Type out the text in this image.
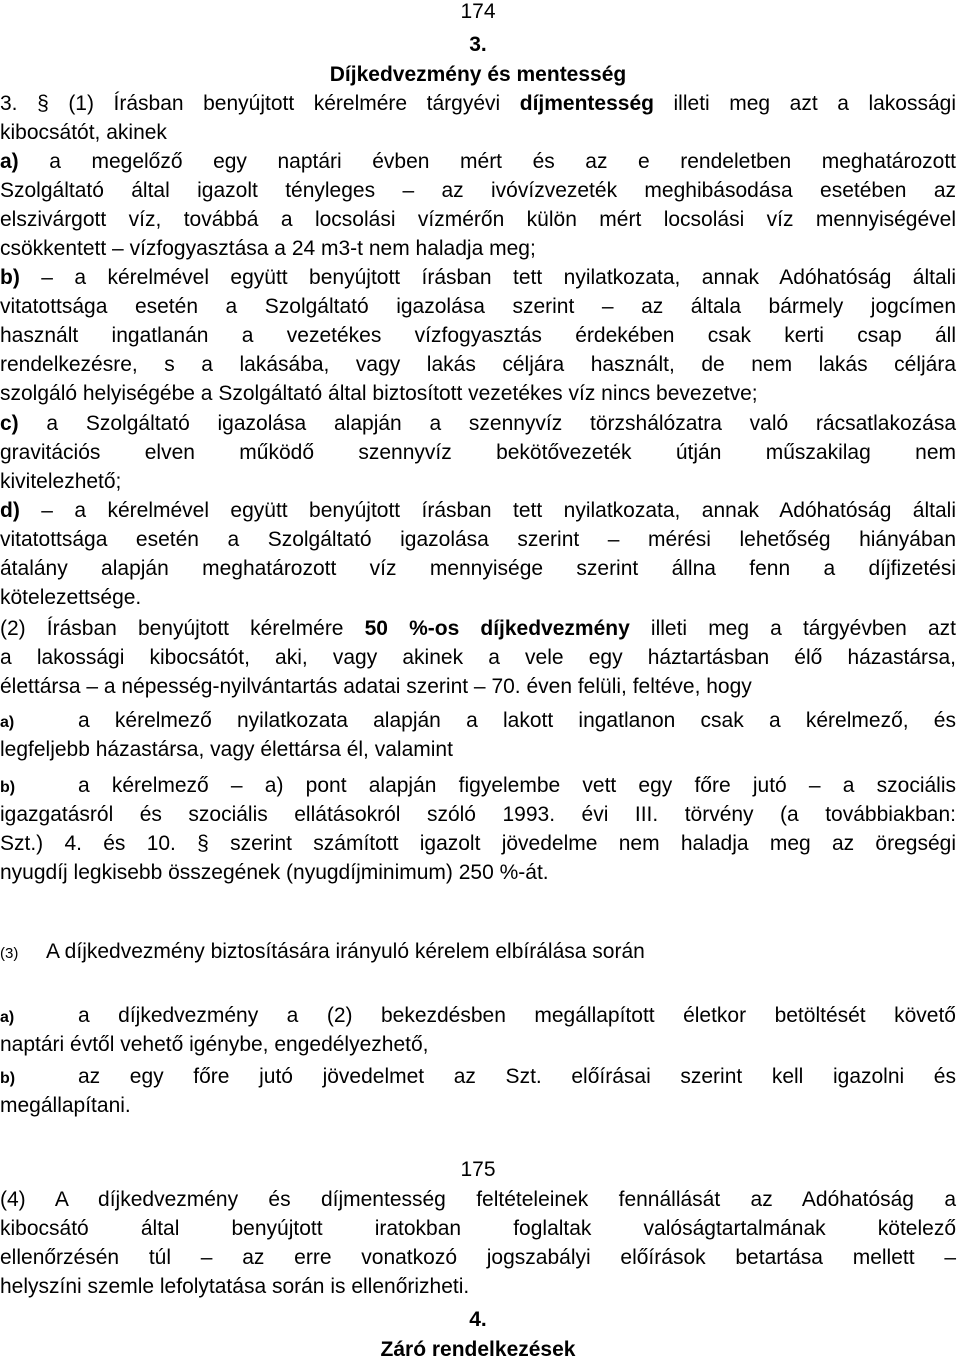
174
3.
Díjkedvezmény és mentesség
3. § (1) Írásban benyújtott kérelmére tárgyévi díjmentesség illeti meg azt a lakossági
kibocsátót, akinek
a) a megelőző egy naptári évben mért és az e rendeletben meghatározott
Szolgáltató által igazolt tényleges – az ivóvízvezeték meghibásodása esetében az
elszivárgott víz, továbbá a locsolási vízmérőn külön mért locsolási víz mennyiségével
csökkentett – vízfogyasztása a 24 m3-t nem haladja meg;
b) – a kérelmével együtt benyújtott írásban tett nyilatkozata, annak Adóhatóság általi
vitatottsága esetén a Szolgáltató igazolása szerint – az általa bármely jogcímen
használt ingatlanán a vezetékes vízfogyasztás érdekében csak kerti csap áll
rendelkezésre, s a lakásába, vagy lakás céljára használt, de nem lakás céljára
szolgáló helyiségébe a Szolgáltató által biztosított vezetékes víz nincs bevezetve;
c) a Szolgáltató igazolása alapján a szennyvíz törzshálózatra való rácsatlakozása
gravitációs elven működő szennyvíz bekötővezeték útján műszakilag nem
kivitelezhető;
d) – a kérelmével együtt benyújtott írásban tett nyilatkozata, annak Adóhatóság általi
vitatottsága esetén a Szolgáltató igazolása szerint – mérési lehetőség hiányában
átalány alapján meghatározott víz mennyisége szerint állna fenn a díjfizetési
kötelezettsége.
(2) Írásban benyújtott kérelmére 50 %-os díjkedvezmény illeti meg a tárgyévben azt
a lakossági kibocsátót, aki, vagy akinek a vele egy háztartásban élő házastársa,
élettársa – a népesség-nyilvántartás adatai szerint – 70. éven felüli, feltéve, hogy
a)	a kérelmező nyilatkozata alapján a lakott ingatlanon csak a kérelmező, és
legfeljebb házastársa, vagy élettársa él, valamint
b)	a kérelmező – a) pont alapján figyelembe vett egy főre jutó – a szociális
igazgatásról és szociális ellátásokról szóló 1993. évi III. törvény (a továbbiakban:
Szt.) 4. és 10. § szerint számított igazolt jövedelme nem haladja meg az öregségi
nyugdíj legkisebb összegének (nyugdíjminimum) 250 %-át.
(3) A díjkedvezmény biztosítására irányuló kérelem elbírálása során
a)	a díjkedvezmény a (2) bekezdésben megállapított életkor betöltését követő
naptári évtől vehető igénybe, engedélyezhető,
b)	az egy főre jutó jövedelmet az Szt. előírásai szerint kell igazolni és
megállapítani.
175
(4) A díjkedvezmény és díjmentesség feltételeinek fennállását az Adóhatóság a
kibocsátó által benyújtott iratokban foglaltak valóságtartalmának kötelező
ellenőrzésén túl – az erre vonatkozó jogszabályi előírások betartása mellett –
helyszíni szemle lefolytatása során is ellenőrizheti.
4.
Záró rendelkezések
